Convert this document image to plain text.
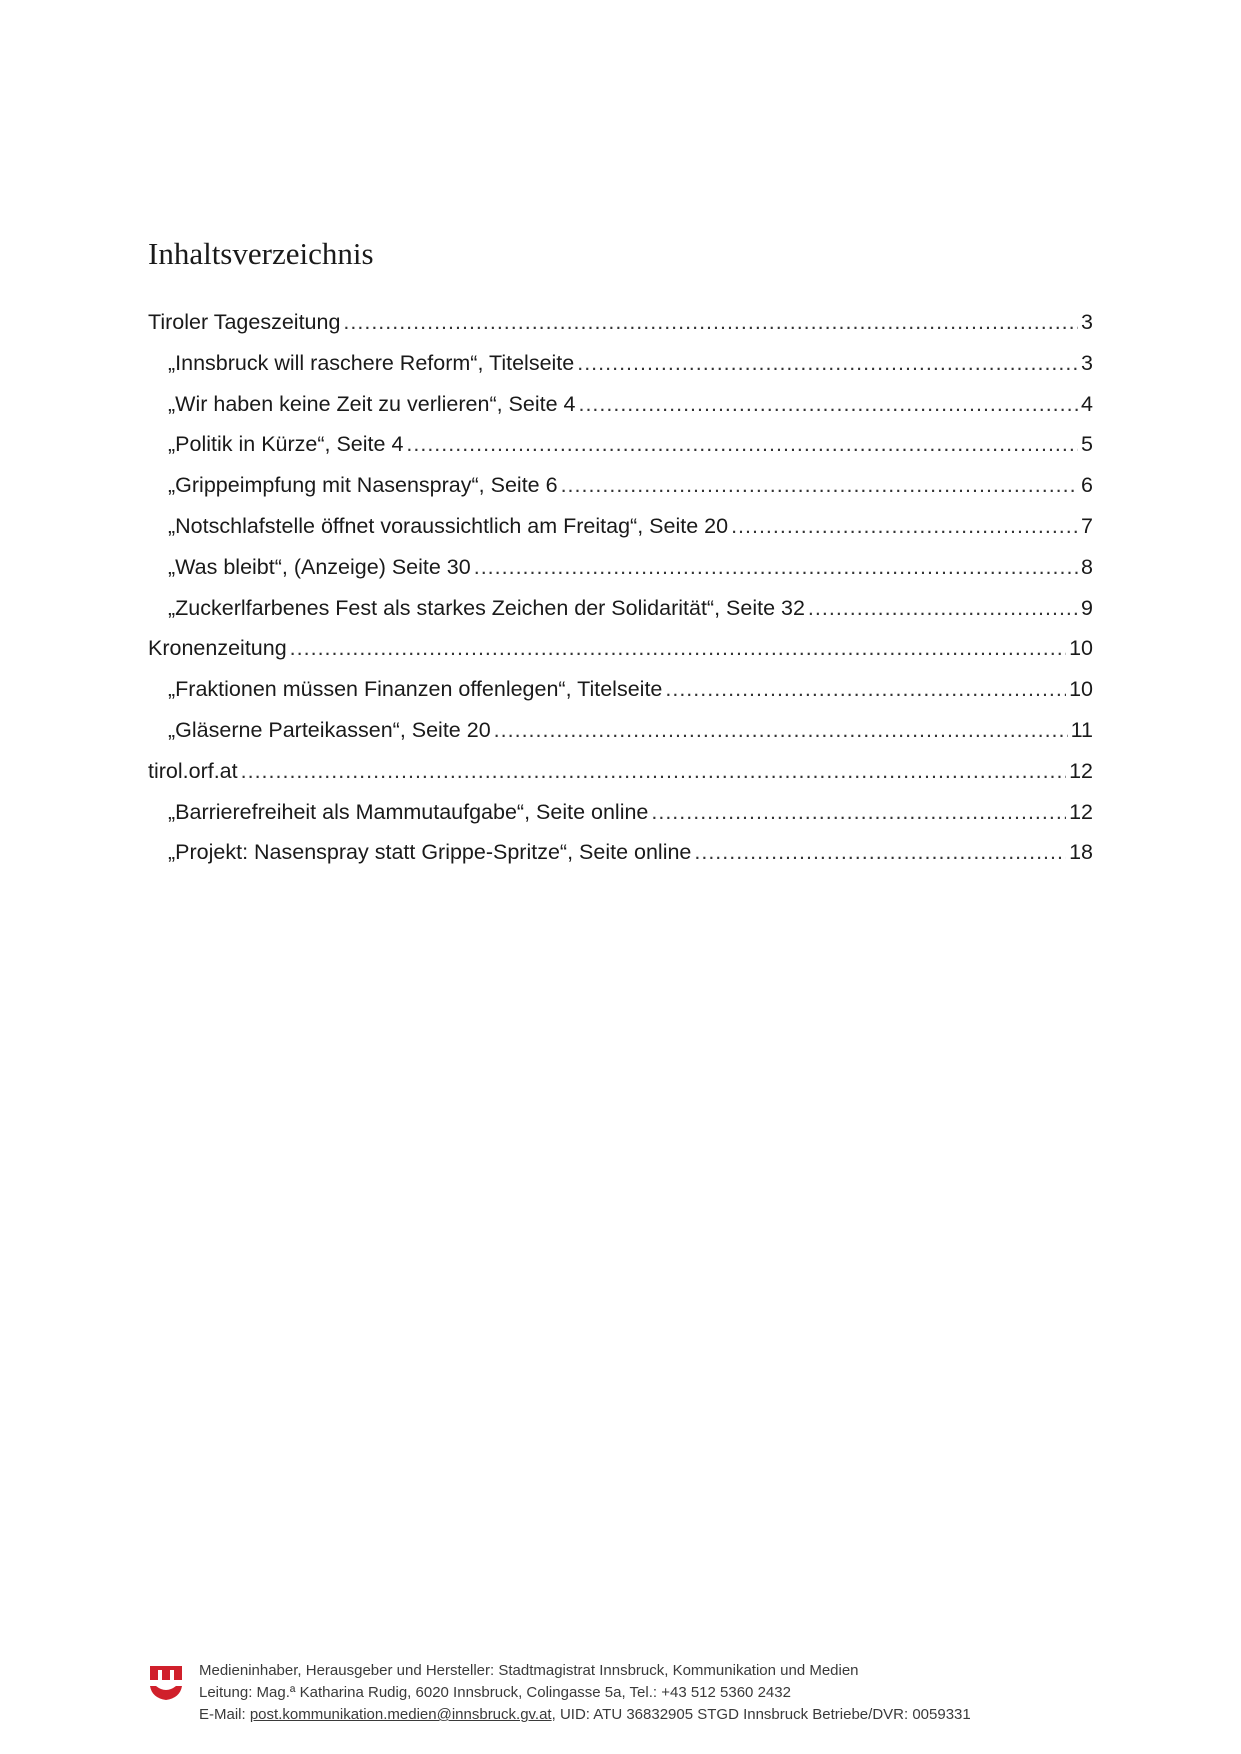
Inhaltsverzeichnis
Tiroler Tageszeitung .....	3
„Innsbruck will raschere Reform“, Titelseite .....	3
„Wir haben keine Zeit zu verlieren“, Seite 4 .....	4
„Politik in Kürze“, Seite 4 .....	5
„Grippeimpfung mit Nasenspray“, Seite 6 .....	6
„Notschlafstelle öffnet voraussichtlich am Freitag“, Seite 20 .....	7
„Was bleibt“, (Anzeige) Seite 30 .....	8
„Zuckerlfarbenes Fest als starkes Zeichen der Solidarität“, Seite 32 .....	9
Kronenzeitung .....	10
„Fraktionen müssen Finanzen offenlegen“, Titelseite .....	10
„Gläserne Parteikassen“, Seite 20 .....	11
tirol.orf.at .....	12
„Barrierefreiheit als Mammutaufgabe“, Seite online .....	12
„Projekt: Nasenspray statt Grippe-Spritze“, Seite online .....	18
Medieninhaber, Herausgeber und Hersteller: Stadtmagistrat Innsbruck, Kommunikation und Medien
Leitung: Mag.ª Katharina Rudig, 6020 Innsbruck, Colingasse 5a, Tel.: +43 512 5360 2432
E-Mail: post.kommunikation.medien@innsbruck.gv.at, UID: ATU 36832905 STGD Innsbruck Betriebe/DVR: 0059331
